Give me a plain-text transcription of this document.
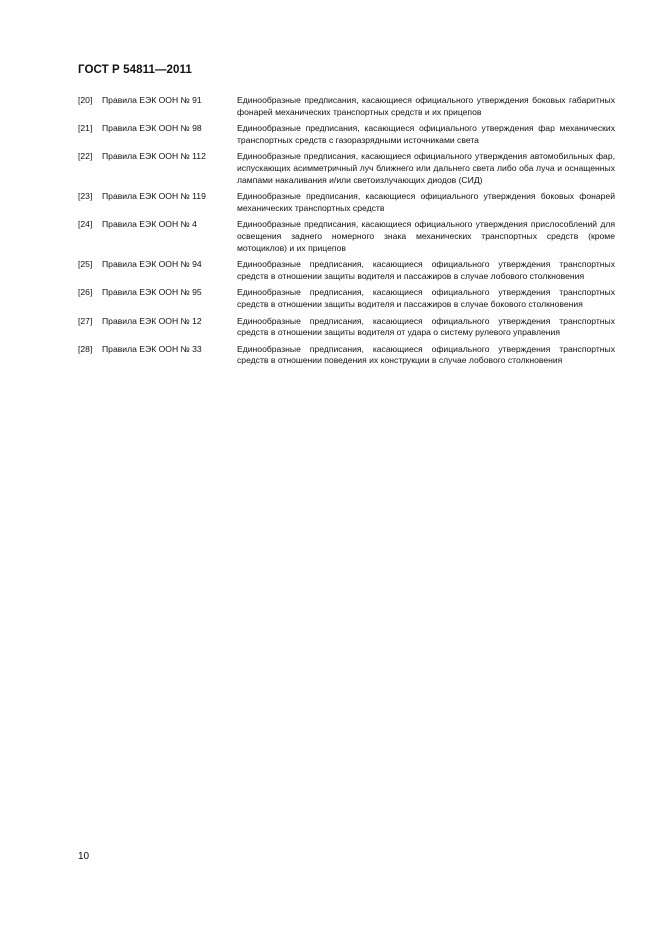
ГОСТ Р 54811—2011
[20]	Правила ЕЭК ООН № 91	Единообразные предписания, касающиеся официального утверждения боковых габаритных фонарей механических транспортных средств и их прицепов
[21]	Правила ЕЭК ООН № 98	Единообразные предписания, касающиеся официального утверждения фар механических транспортных средств с газоразрядными источниками света
[22]	Правила ЕЭК ООН № 112	Единообразные предписания, касающиеся официального утверждения автомобильных фар, испускающих асимметричный луч ближнего или дальнего света либо оба луча и оснащенных лампами накаливания и/или светоизлучающих диодов (СИД)
[23]	Правила ЕЭК ООН № 119	Единообразные предписания, касающиеся официального утверждения боковых фонарей механических транспортных средств
[24]	Правила ЕЭК ООН № 4	Единообразные предписания, касающиеся официального утверждения прислособлений для освещения заднего номерного знака механических транспортных средств (кроме мотоциклов) и их прицепов
[25]	Правила ЕЭК ООН № 94	Единообразные предписания, касающиеся официального утверждения транспортных средств в отношении защиты водителя и пассажиров в случае лобового столкновения
[26]	Правила ЕЭК ООН № 95	Единообразные предписания, касающиеся официального утверждения транспортных средств в отношении защиты водителя и пассажиров в случае бокового столкновения
[27]	Правила ЕЭК ООН № 12	Единообразные предписания, касающиеся официального утверждения транспортных средств в отношении защиты водителя от удара о систему рулевого управления
[28]	Правила ЕЭК ООН № 33	Единообразные предписания, касающиеся официального утверждения транспортных средств в отношении поведения их конструкции в случае лобового столкновения
10
